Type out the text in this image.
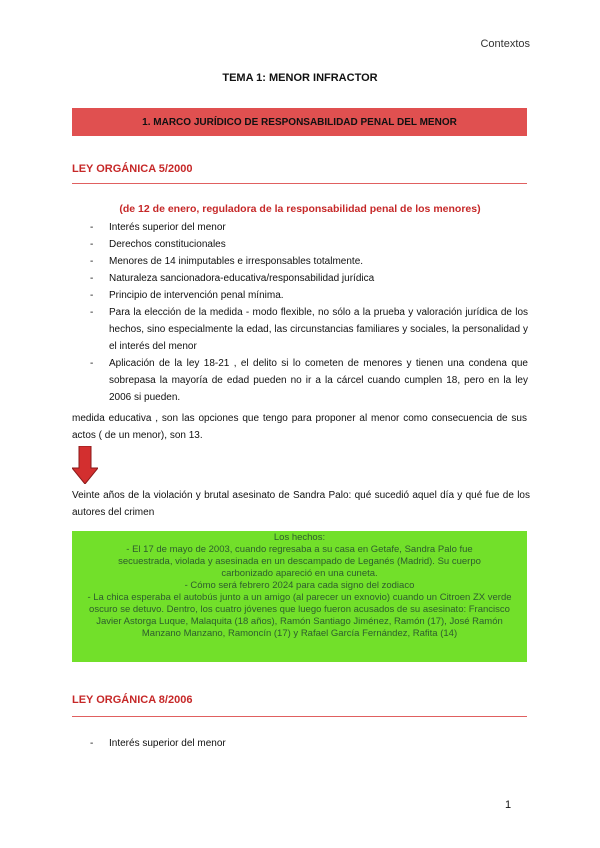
Contextos
TEMA 1: MENOR INFRACTOR
1. MARCO JURÍDICO DE RESPONSABILIDAD PENAL DEL MENOR
LEY ORGÁNICA 5/2000
(de 12 de enero, reguladora de la responsabilidad penal de los menores)
- Interés superior del menor
- Derechos constitucionales
- Menores de 14 inimputables e irresponsables totalmente.
- Naturaleza sancionadora-educativa/responsabilidad jurídica
- Principio de intervención penal mínima.
- Para la elección de la medida - modo flexible, no sólo a la prueba y valoración jurídica de los hechos, sino especialmente la edad, las circunstancias familiares y sociales, la personalidad y el interés del menor
- Aplicación de la ley 18-21 , el delito si lo cometen de menores y tienen una condena que sobrepasa la mayoría de edad pueden no ir a la cárcel cuando cumplen 18, pero en la ley 2006 si pueden.
medida educativa , son las opciones que tengo para proponer al menor como consecuencia de sus actos ( de un menor), son 13.
Veinte años de la violación y brutal asesinato de Sandra Palo: qué sucedió aquel día y qué fue de los autores del crimen
Los hechos:
- El 17 de mayo de 2003, cuando regresaba a su casa en Getafe, Sandra Palo fue secuestrada, violada y asesinada en un descampado de Leganés (Madrid). Su cuerpo carbonizado apareció en una cuneta.
- Cómo será febrero 2024 para cada signo del zodiaco
- La chica esperaba el autobús junto a un amigo (al parecer un exnovio) cuando un Citroen ZX verde oscuro se detuvo. Dentro, los cuatro jóvenes que luego fueron acusados de su asesinato: Francisco Javier Astorga Luque, Malaquita (18 años), Ramón Santiago Jiménez, Ramón (17), José Ramón Manzano Manzano, Ramoncín (17) y Rafael García Fernández, Rafita (14)
LEY ORGÁNICA 8/2006
- Interés superior del menor
1
